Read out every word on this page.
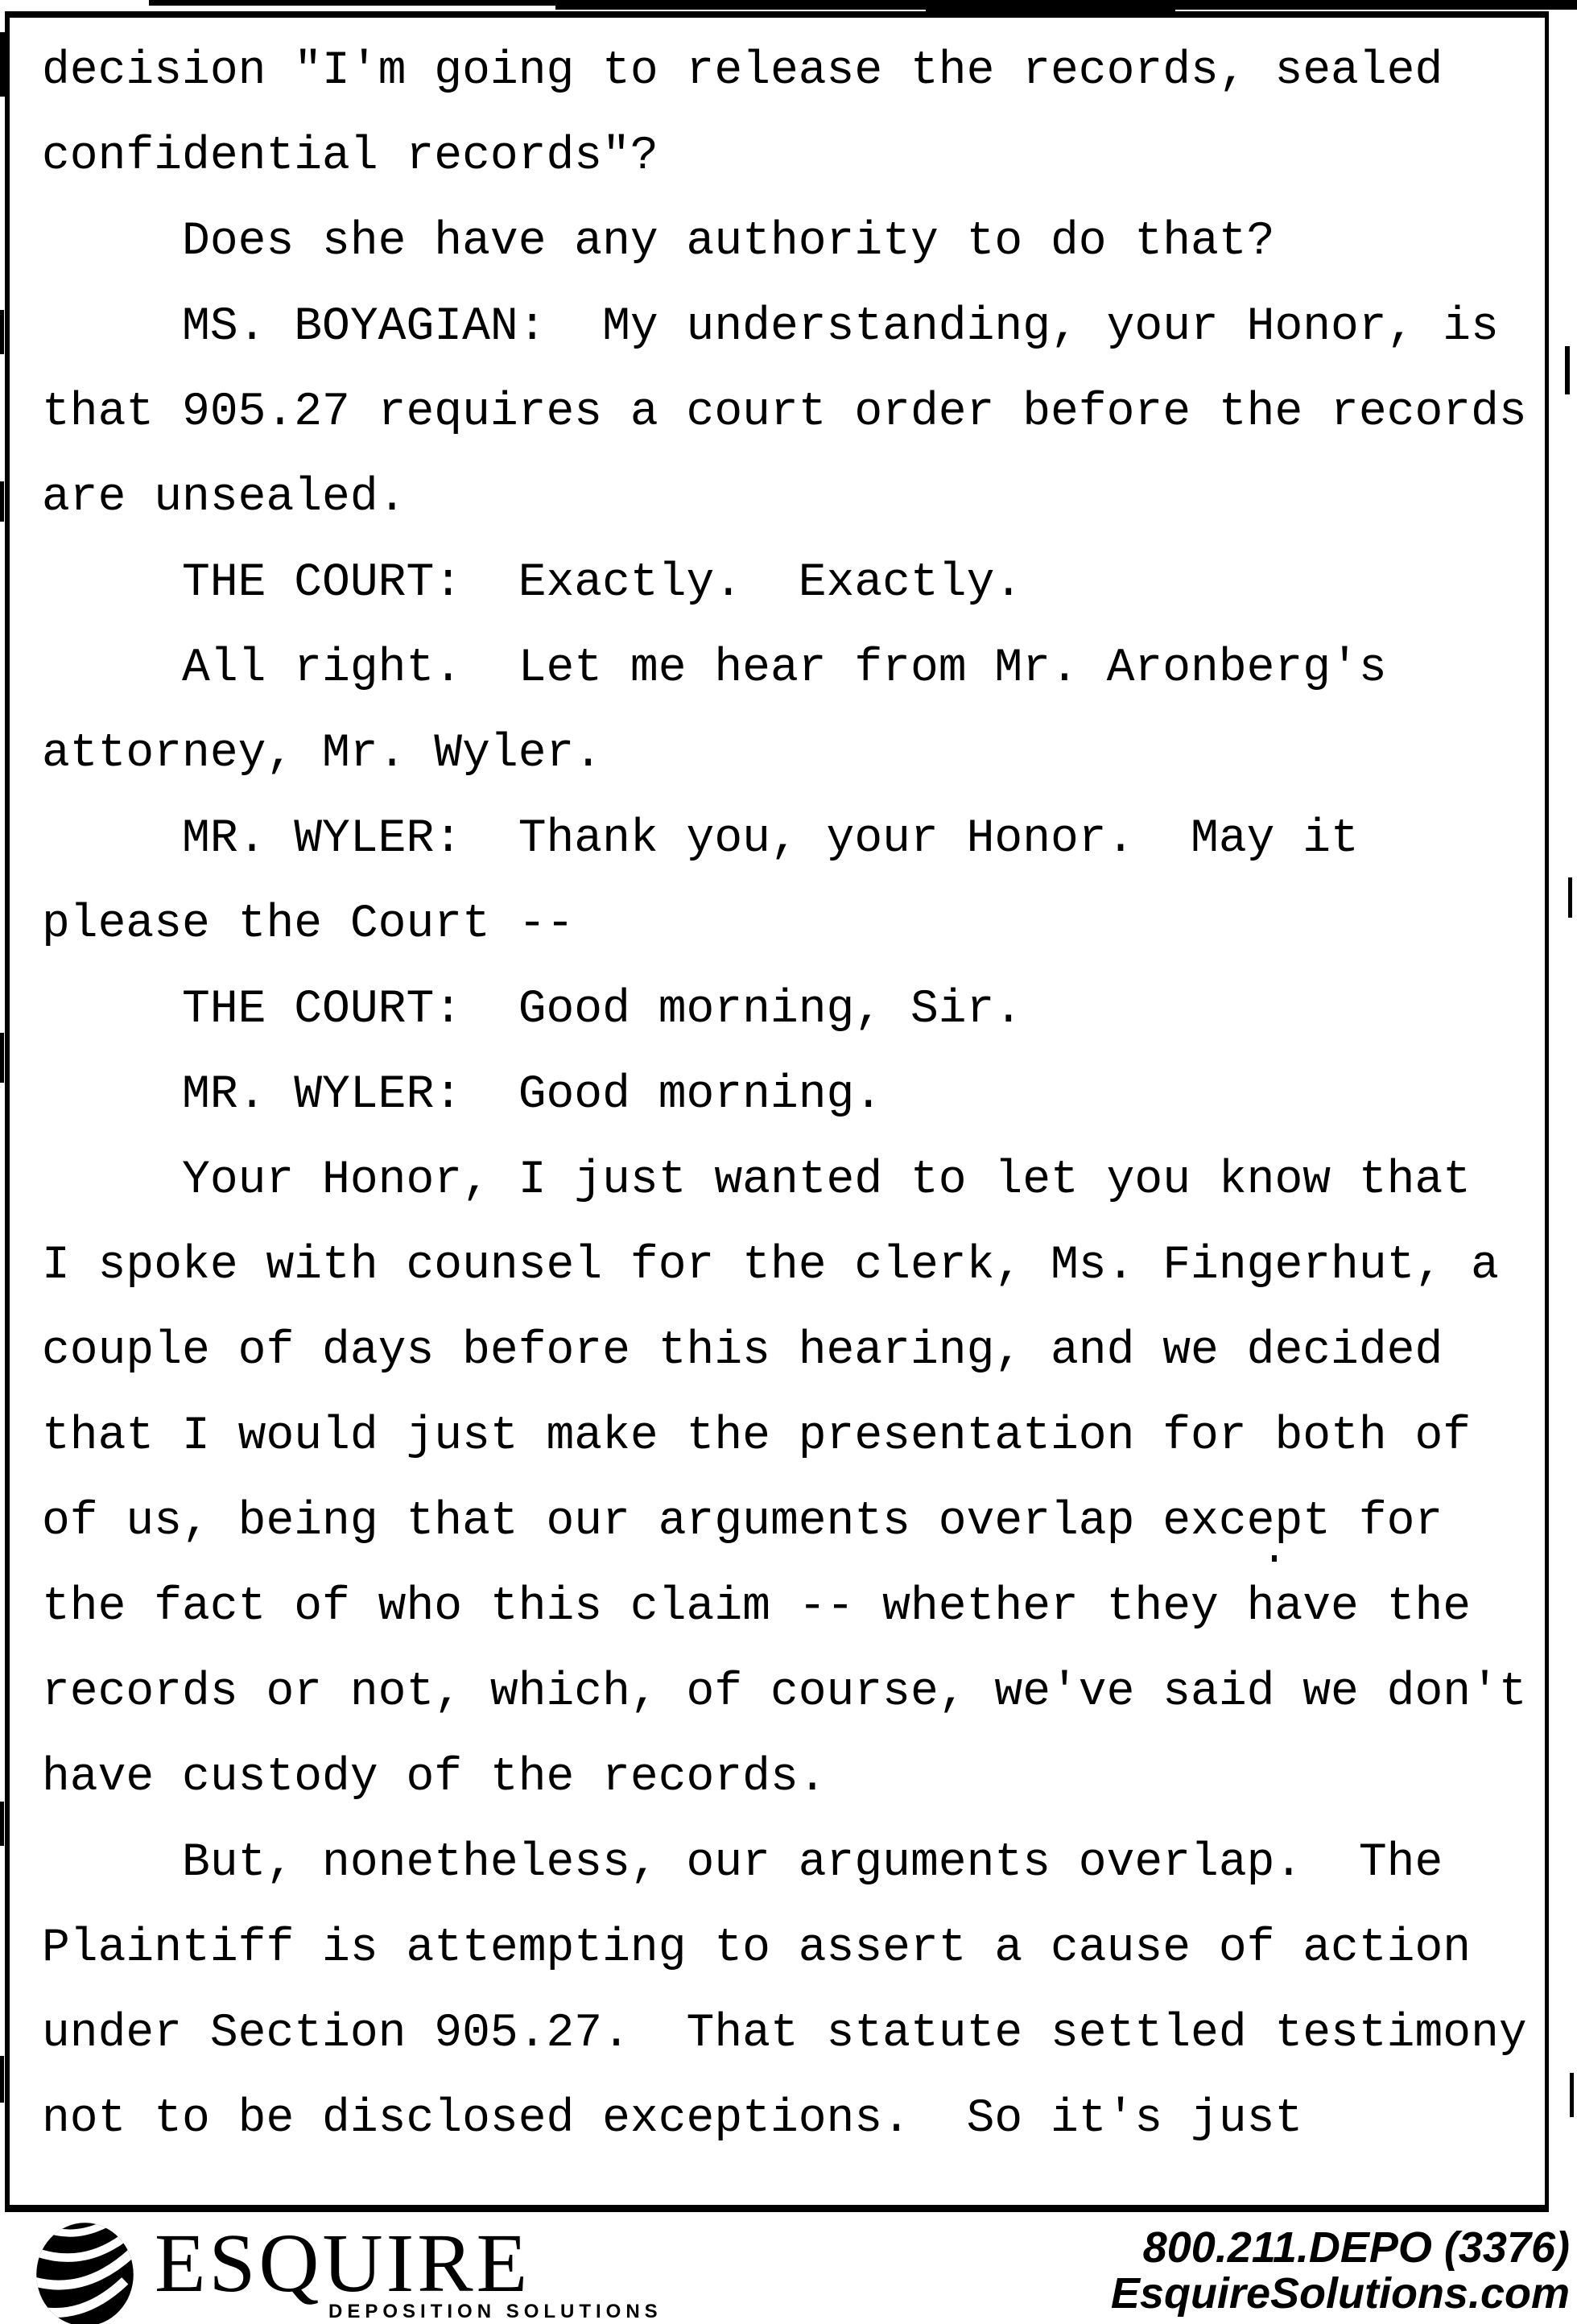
decision "I'm going to release the records, sealed
confidential records"?
Does she have any authority to do that?
MS. BOYAGIAN:  My understanding, your Honor, is
that 905.27 requires a court order before the records
are unsealed.
THE COURT:  Exactly.  Exactly.
All right.  Let me hear from Mr. Aronberg's
attorney, Mr. Wyler.
MR. WYLER:  Thank you, your Honor.  May it
please the Court --
THE COURT:  Good morning, Sir.
MR. WYLER:  Good morning.
Your Honor, I just wanted to let you know that
I spoke with counsel for the clerk, Ms. Fingerhut, a
couple of days before this hearing, and we decided
that I would just make the presentation for both of
of us, being that our arguments overlap except for
the fact of who this claim -- whether they have the
records or not, which, of course, we've said we don't
have custody of the records.
But, nonetheless, our arguments overlap.  The
Plaintiff is attempting to assert a cause of action
under Section 905.27.  That statute settled testimony
not to be disclosed exceptions.  So it's just
ESQUIRE
DEPOSITION SOLUTIONS
800.211.DEPO (3376)
EsquireSolutions.com
